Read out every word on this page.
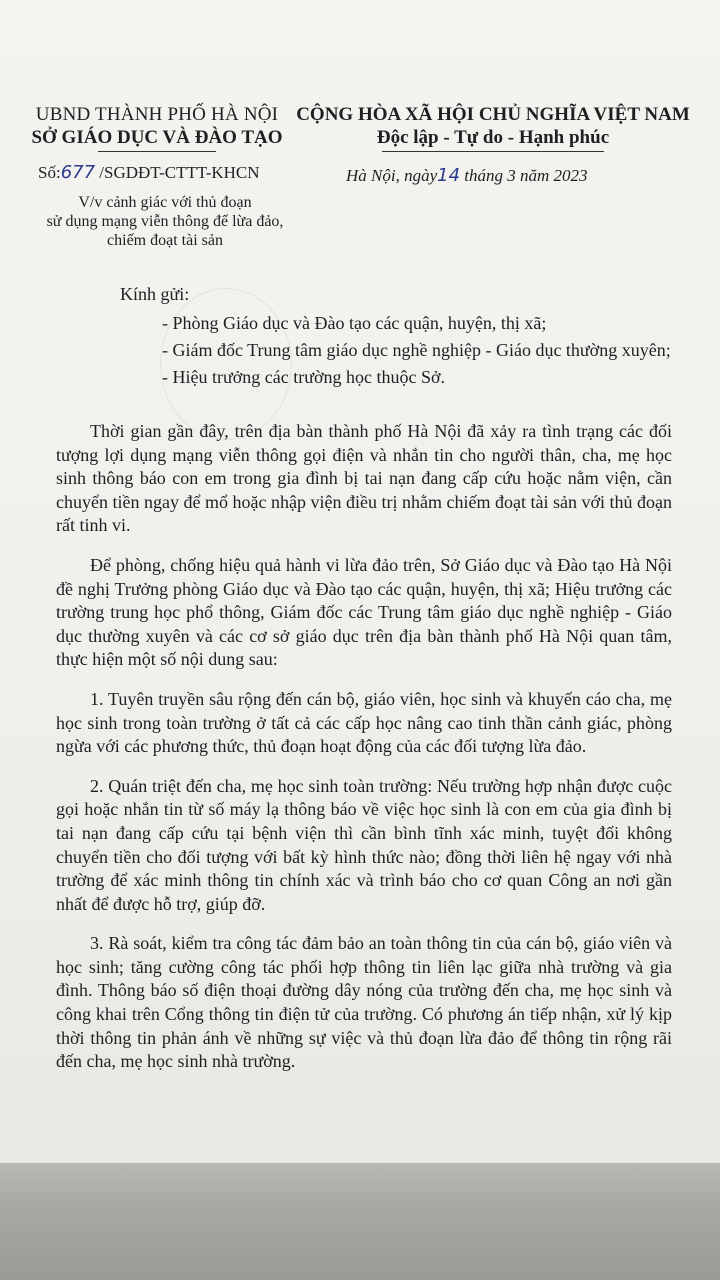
UBND THÀNH PHỐ HÀ NỘI
SỞ GIÁO DỤC VÀ ĐÀO TẠO
CỘNG HÒA XÃ HỘI CHỦ NGHĨA VIỆT NAM
Độc lập - Tự do - Hạnh phúc
Số:677 /SGDĐT-CTTT-KHCN	Hà Nội, ngày14 tháng 3 năm 2023
V/v cảnh giác với thủ đoạn
sử dụng mạng viễn thông để lừa đảo,
chiếm đoạt tài sản
Kính gửi:
- Phòng Giáo dục và Đào tạo các quận, huyện, thị xã;
- Giám đốc Trung tâm giáo dục nghề nghiệp - Giáo dục thường xuyên;
- Hiệu trưởng các trường học thuộc Sở.

Thời gian gần đây, trên địa bàn thành phố Hà Nội đã xảy ra tình trạng các đối tượng lợi dụng mạng viễn thông gọi điện và nhắn tin cho người thân, cha, mẹ học sinh thông báo con em trong gia đình bị tai nạn đang cấp cứu hoặc nằm viện, cần chuyển tiền ngay để mổ hoặc nhập viện điều trị nhằm chiếm đoạt tài sản với thủ đoạn rất tinh vi.

Để phòng, chống hiệu quả hành vi lừa đảo trên, Sở Giáo dục và Đào tạo Hà Nội đề nghị Trưởng phòng Giáo dục và Đào tạo các quận, huyện, thị xã; Hiệu trưởng các trường trung học phổ thông, Giám đốc các Trung tâm giáo dục nghề nghiệp - Giáo dục thường xuyên và các cơ sở giáo dục trên địa bàn thành phố Hà Nội quan tâm, thực hiện một số nội dung sau:

1. Tuyên truyền sâu rộng đến cán bộ, giáo viên, học sinh và khuyến cáo cha, mẹ học sinh trong toàn trường ở tất cả các cấp học nâng cao tinh thần cảnh giác, phòng ngừa với các phương thức, thủ đoạn hoạt động của các đối tượng lừa đảo.

2. Quán triệt đến cha, mẹ học sinh toàn trường: Nếu trường hợp nhận được cuộc gọi hoặc nhắn tin từ số máy lạ thông báo về việc học sinh là con em của gia đình bị tai nạn đang cấp cứu tại bệnh viện thì cần bình tĩnh xác minh, tuyệt đối không chuyển tiền cho đối tượng với bất kỳ hình thức nào; đồng thời liên hệ ngay với nhà trường để xác minh thông tin chính xác và trình báo cho cơ quan Công an nơi gần nhất để được hỗ trợ, giúp đỡ.

3. Rà soát, kiểm tra công tác đảm bảo an toàn thông tin của cán bộ, giáo viên và học sinh; tăng cường công tác phối hợp thông tin liên lạc giữa nhà trường và gia đình. Thông báo số điện thoại đường dây nóng của trường đến cha, mẹ học sinh và công khai trên Cổng thông tin điện tử của trường. Có phương án tiếp nhận, xử lý kịp thời thông tin phản ánh về những sự việc và thủ đoạn lừa đảo để thông tin rộng rãi đến cha, mẹ học sinh nhà trường.
